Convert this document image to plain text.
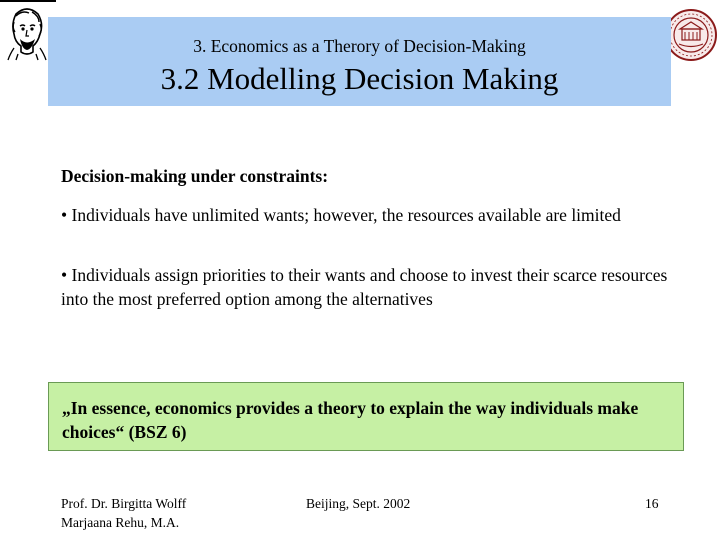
3. Economics as a Therory of Decision-Making
3.2 Modelling Decision Making
Decision-making under constraints:
• Individuals have unlimited wants; however, the resources available are limited
• Individuals assign priorities to their wants and choose to invest their scarce resources into the most preferred option among the alternatives
„In essence, economics provides a theory to explain the way individuals make choices“ (BSZ 6)
Prof. Dr. Birgitta Wolff
Marjaana Rehu, M.A.
Beijing, Sept. 2002	16
